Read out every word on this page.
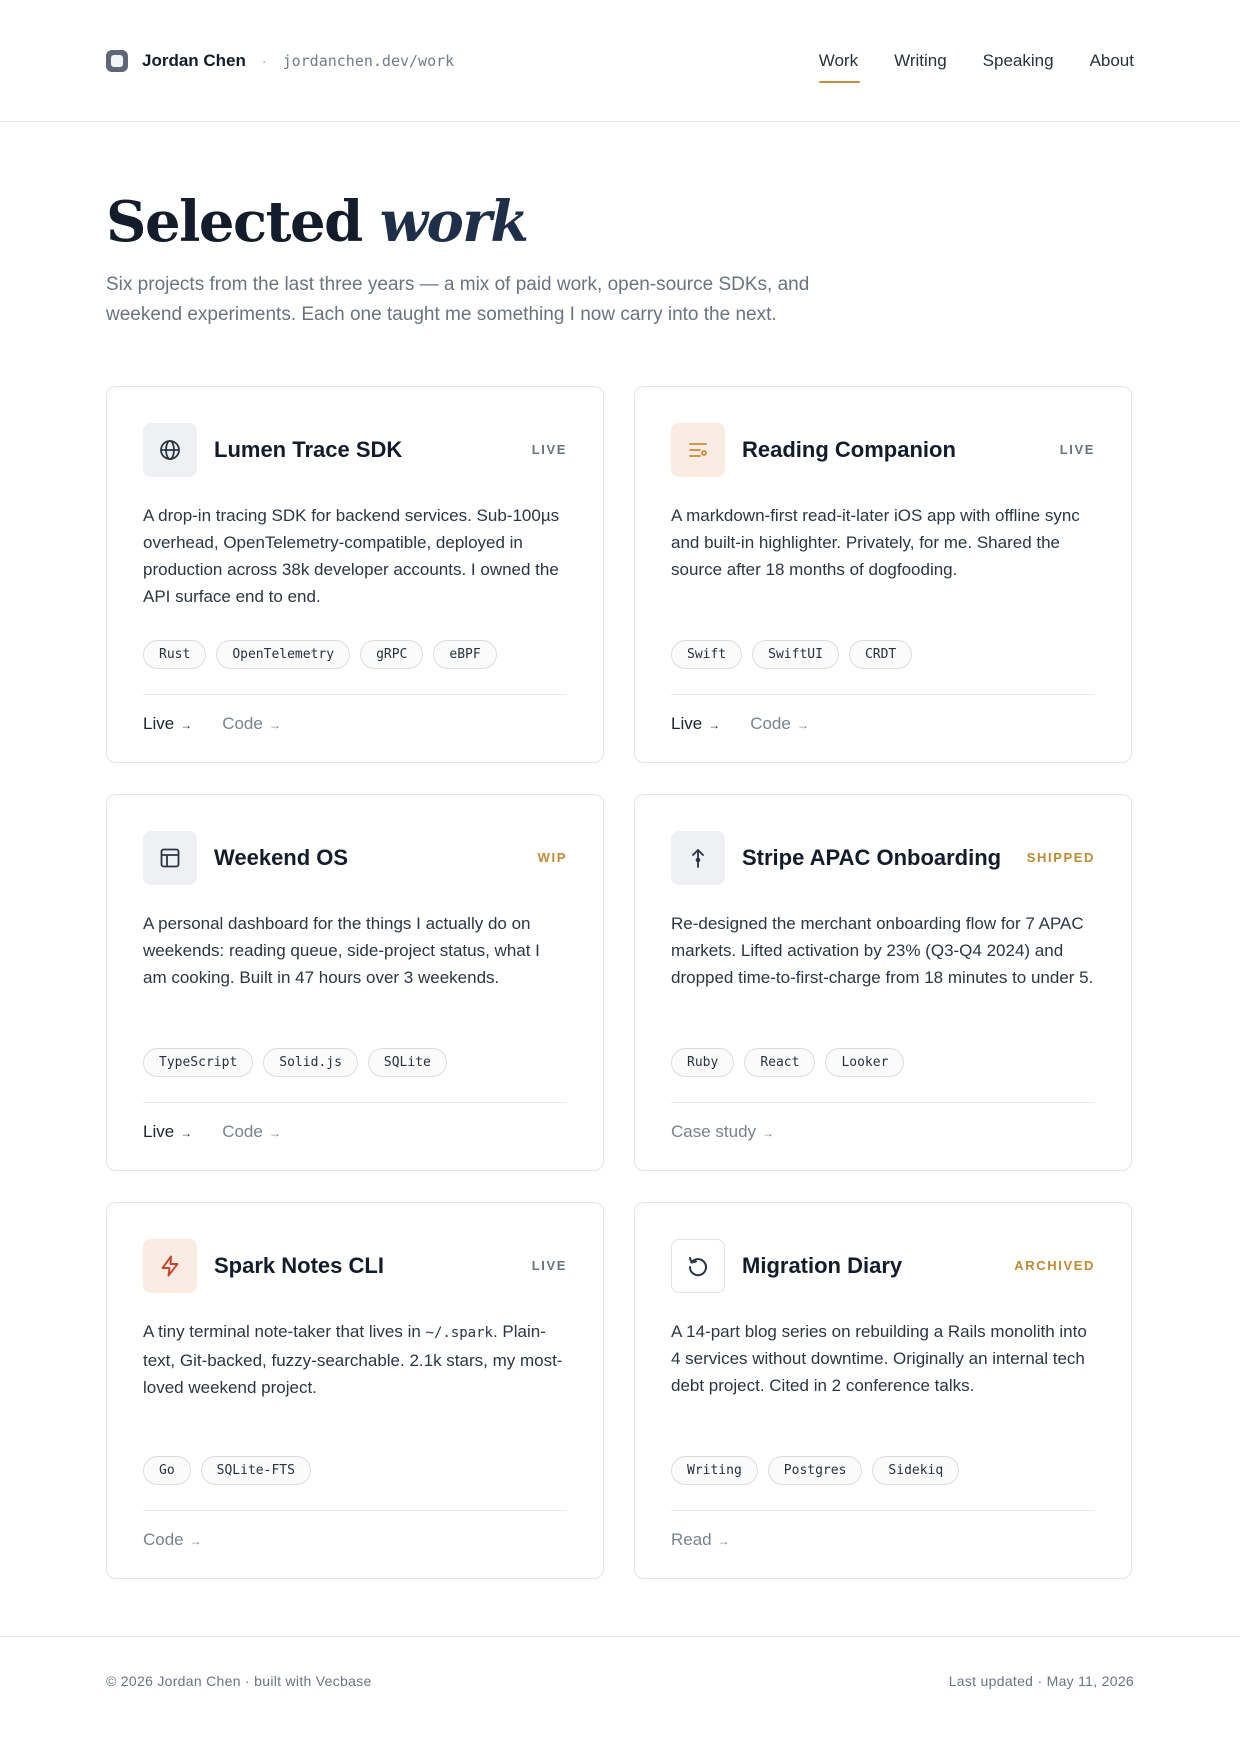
Jordan Chen · jordanchen.dev/work	Work Writing Speaking About
Selected work

Six projects from the last three years — a mix of paid work, open-source SDKs, and weekend experiments. Each one taught me something I now carry into the next.

Lumen Trace SDK	LIVE

A drop-in tracing SDK for backend services. Sub-100µs overhead, OpenTelemetry-compatible, deployed in production across 38k developer accounts. I owned the API surface end to end.

Rust	OpenTelemetry	gRPC	eBPF
Live → Code →
Reading Companion	LIVE

A markdown-first read-it-later iOS app with offline sync and built-in highlighter. Privately, for me. Shared the source after 18 months of dogfooding.

Swift	SwiftUI	CRDT
Live → Code →
Weekend OS	WIP

A personal dashboard for the things I actually do on weekends: reading queue, side-project status, what I am cooking. Built in 47 hours over 3 weekends.

TypeScript	Solid.js	SQLite
Live → Code →
Stripe APAC Onboarding	SHIPPED

Re-designed the merchant onboarding flow for 7 APAC markets. Lifted activation by 23% (Q3-Q4 2024) and dropped time-to-first-charge from 18 minutes to under 5.

Ruby	React	Looker
Case study →
Spark Notes CLI	LIVE

A tiny terminal note-taker that lives in ~/.spark. Plain-text, Git-backed, fuzzy-searchable. 2.1k stars, my most-loved weekend project.

Go	SQLite-FTS
Code →
Migration Diary	ARCHIVED

A 14-part blog series on rebuilding a Rails monolith into 4 services without downtime. Originally an internal tech debt project. Cited in 2 conference talks.

Writing	Postgres	Sidekiq
Read →
© 2026 Jordan Chen · built with Vecbase	Last updated · May 11, 2026
